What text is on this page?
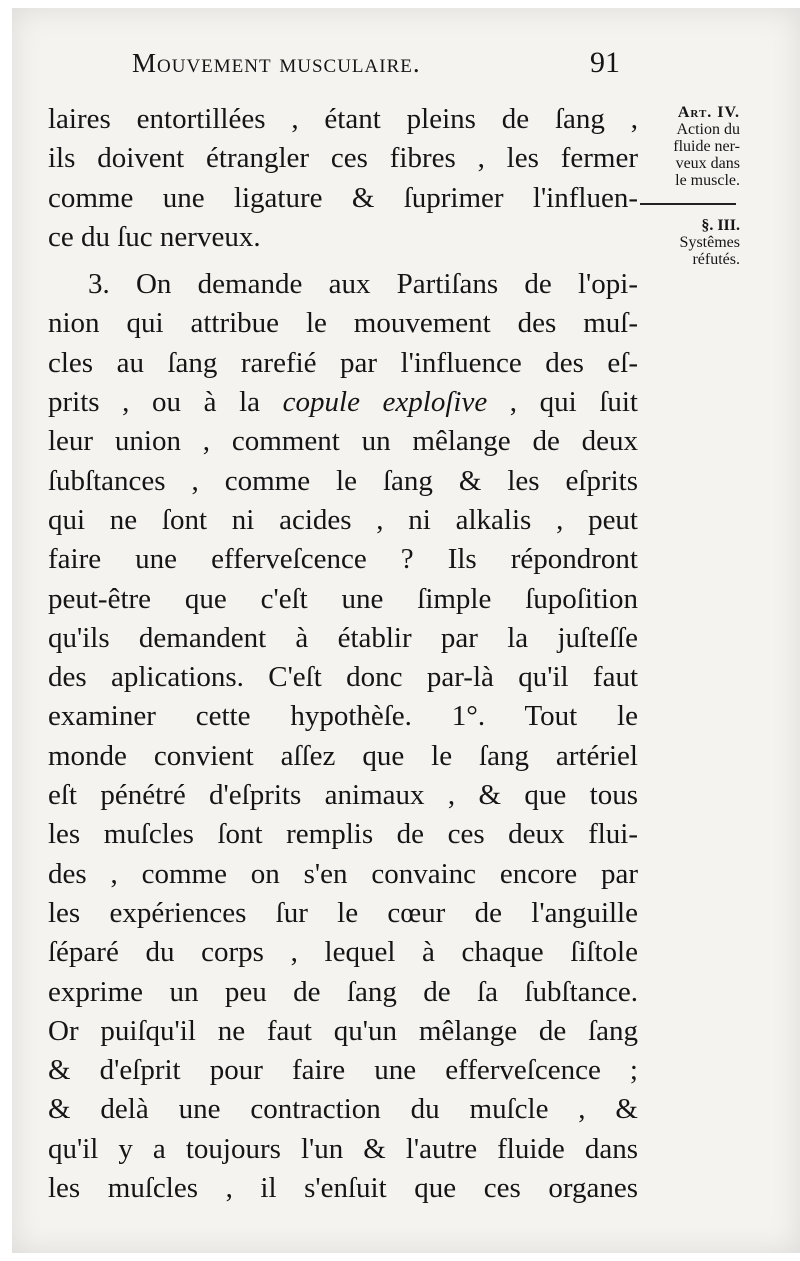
Mouvement musculaire.	91
laires entortillées , étant pleins de ſang ,
ils doivent étrangler ces fibres , les fermer
comme une ligature & ſuprimer l'influen-
ce du ſuc nerveux.
3. On demande aux Partiſans de l'opi-
nion qui attribue le mouvement des muſ-
cles au ſang rarefié par l'influence des eſ-
prits , ou à la copule exploſive , qui ſuit
leur union , comment un mêlange de deux
ſubſtances , comme le ſang & les eſprits
qui ne ſont ni acides , ni alkalis , peut
faire une efferveſcence ? Ils répondront
peut-être que c'eſt une ſimple ſupoſition
qu'ils demandent à établir par la juſteſſe
des aplications. C'eſt donc par-là qu'il faut
examiner cette hypothèſe. 1°. Tout le
monde convient aſſez que le ſang artériel
eſt pénétré d'eſprits animaux , & que tous
les muſcles ſont remplis de ces deux flui-
des , comme on s'en convainc encore par
les expériences ſur le cœur de l'anguille
ſéparé du corps , lequel à chaque ſiſtole
exprime un peu de ſang de ſa ſubſtance.
Or puiſqu'il ne faut qu'un mêlange de ſang
& d'eſprit pour faire une efferveſcence ;
& delà une contraction du muſcle , &
qu'il y a toujours l'un & l'autre fluide dans
les muſcles , il s'enſuit que ces organes
Art. IV.
Action du
fluide ner-
veux dans
le muscle.
§. III.
Systêmes
réfutés.
